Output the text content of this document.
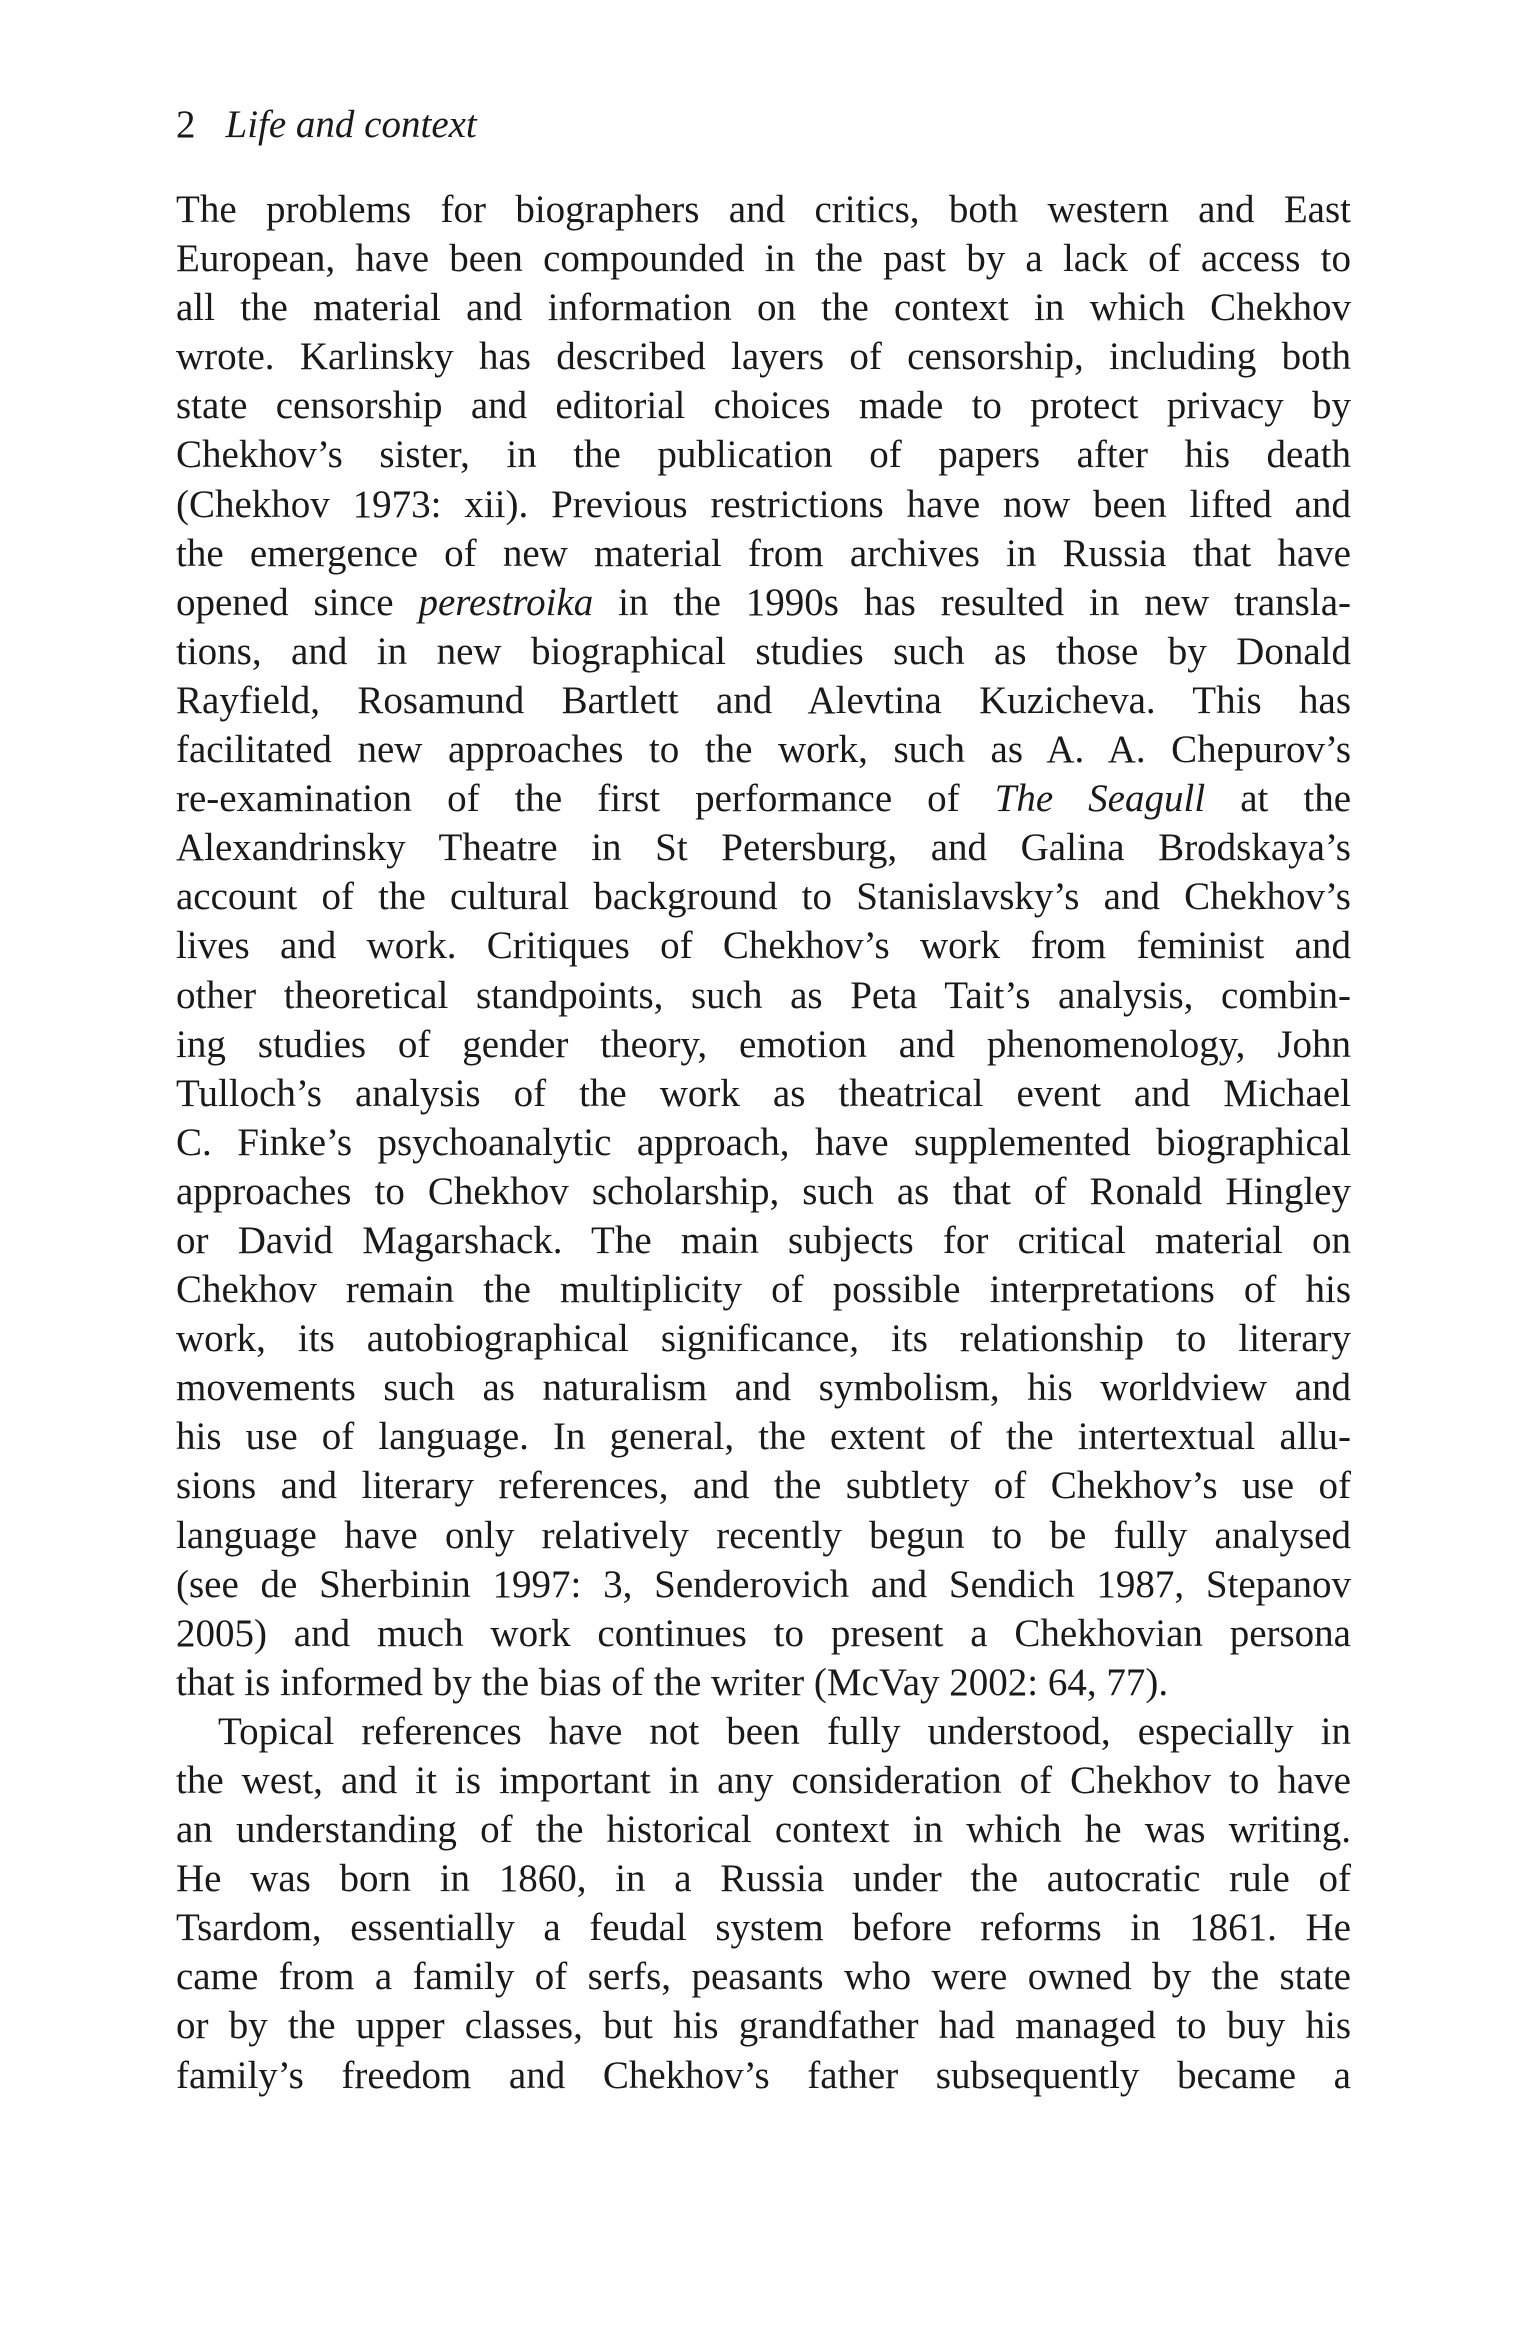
2 Life and context
The problems for biographers and critics, both western and East
European, have been compounded in the past by a lack of access to
all the material and information on the context in which Chekhov
wrote. Karlinsky has described layers of censorship, including both
state censorship and editorial choices made to protect privacy by
Chekhov’s sister, in the publication of papers after his death
(Chekhov 1973: xii). Previous restrictions have now been lifted and
the emergence of new material from archives in Russia that have
opened since perestroika in the 1990s has resulted in new transla-
tions, and in new biographical studies such as those by Donald
Rayfield, Rosamund Bartlett and Alevtina Kuzicheva. This has
facilitated new approaches to the work, such as A. A. Chepurov’s
re-examination of the first performance of The Seagull at the
Alexandrinsky Theatre in St Petersburg, and Galina Brodskaya’s
account of the cultural background to Stanislavsky’s and Chekhov’s
lives and work. Critiques of Chekhov’s work from feminist and
other theoretical standpoints, such as Peta Tait’s analysis, combin-
ing studies of gender theory, emotion and phenomenology, John
Tulloch’s analysis of the work as theatrical event and Michael
C. Finke’s psychoanalytic approach, have supplemented biographical
approaches to Chekhov scholarship, such as that of Ronald Hingley
or David Magarshack. The main subjects for critical material on
Chekhov remain the multiplicity of possible interpretations of his
work, its autobiographical significance, its relationship to literary
movements such as naturalism and symbolism, his worldview and
his use of language. In general, the extent of the intertextual allu-
sions and literary references, and the subtlety of Chekhov’s use of
language have only relatively recently begun to be fully analysed
(see de Sherbinin 1997: 3, Senderovich and Sendich 1987, Stepanov
2005) and much work continues to present a Chekhovian persona
that is informed by the bias of the writer (McVay 2002: 64, 77).
Topical references have not been fully understood, especially in
the west, and it is important in any consideration of Chekhov to have
an understanding of the historical context in which he was writing.
He was born in 1860, in a Russia under the autocratic rule of
Tsardom, essentially a feudal system before reforms in 1861. He
came from a family of serfs, peasants who were owned by the state
or by the upper classes, but his grandfather had managed to buy his
family’s freedom and Chekhov’s father subsequently became a
